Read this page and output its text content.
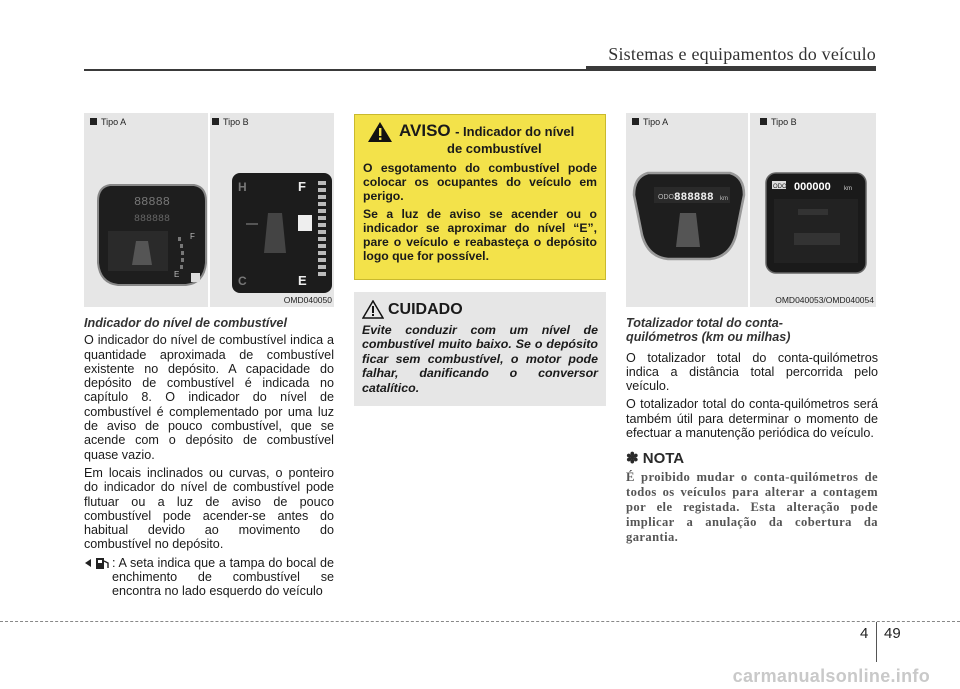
Sistemas e equipamentos do veículo
Tipo A
88888
888888
F
E
Tipo B
H
C
F
E
OMD040050
Indicador do nível de combustível

O indicador do nível de combustível indica a quantidade aproximada de combustível existente no depósito. A capacidade do depósito de combustível é indicada no capítulo 8. O indicador do nível de combustível é complementado por uma luz de aviso de pouco combustível, que se acende com o depósito de combustível quase vazio.

Em locais inclinados ou curvas, o ponteiro do indicador do nível de combustível pode flutuar ou a luz de aviso de pouco combustível pode acender-se antes do habitual devido ao movimento do combustível no depósito.

: A seta indica que a tampa do bocal de enchimento de combustível se encontra no lado esquerdo do veículo

AVISO - Indicador do nível
de combustível

O esgotamento do combustível pode colocar os ocupantes do veículo em perigo.

Se a luz de aviso se acender ou o indicador se aproximar do nível “E”, pare o veículo e reabasteça o depósito logo que for possível.

CUIDADO
Evite conduzir com um nível de combustível muito baixo. Se o depósito ficar sem combustível, o motor pode falhar, danificando o conversor catalítico.
Tipo A
ODO 888888 km
Tipo B
ODO 000000 km
OMD040053/OMD040054
Totalizador total do conta-
quilómetros (km ou milhas)

O totalizador total do conta-quilómetros indica a distância total percorrida pelo veículo.

O totalizador total do conta-quilómetros será também útil para determinar o momento de efectuar a manutenção periódica do veículo.

✽ NOTA
É proibido mudar o conta-quilómetros de todos os veículos para alterar a contagem por ele registada. Esta alteração pode implicar a anulação da cobertura da garantia.
4 49
carmanualsonline.info
